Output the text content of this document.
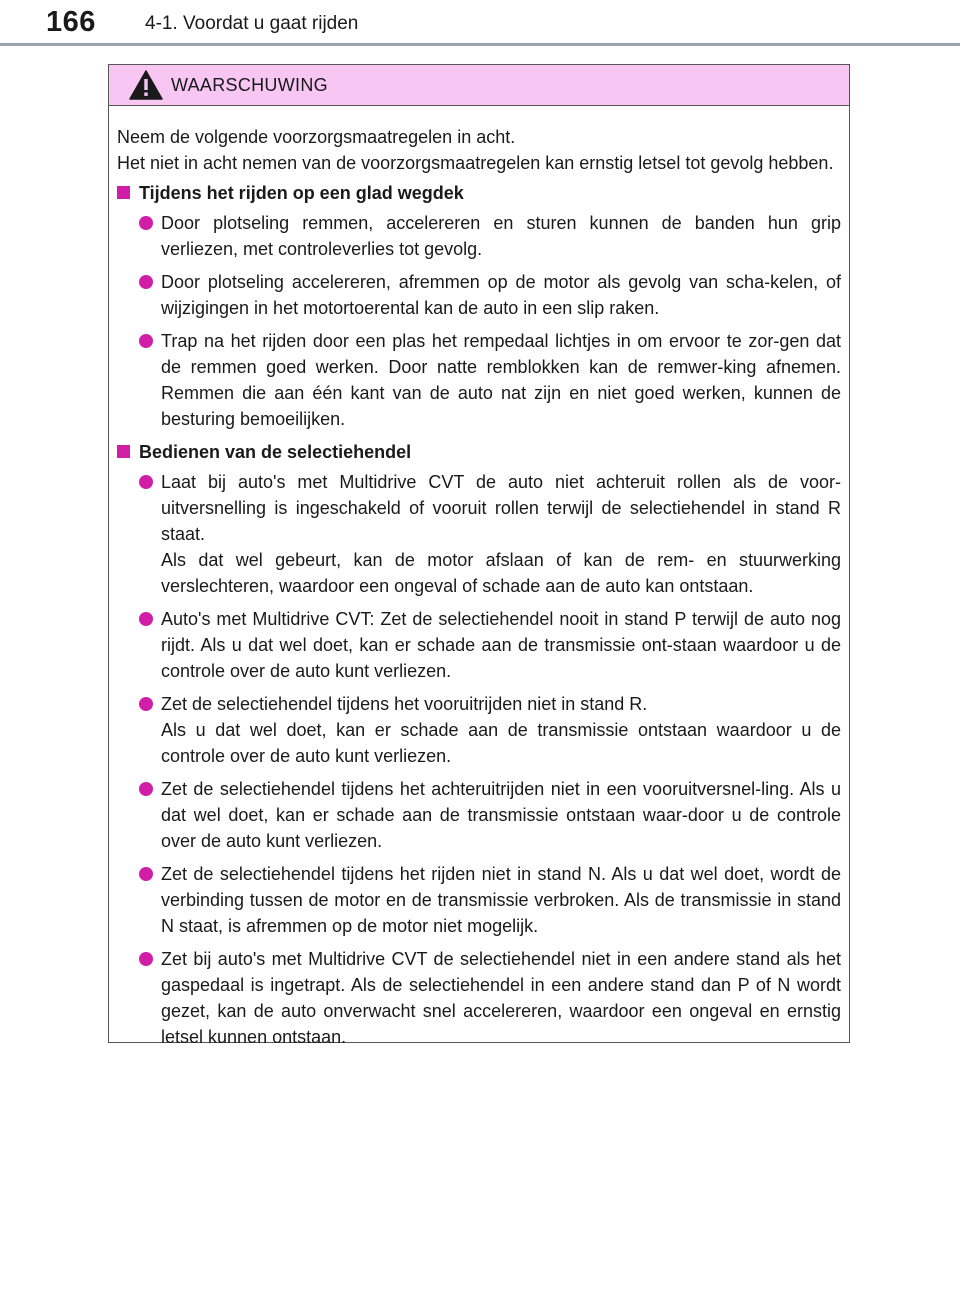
166	4-1. Voordat u gaat rijden
WAARSCHUWING
Neem de volgende voorzorgsmaatregelen in acht.
Het niet in acht nemen van de voorzorgsmaatregelen kan ernstig letsel tot gevolg hebben.
Tijdens het rijden op een glad wegdek
Door plotseling remmen, accelereren en sturen kunnen de banden hun grip verliezen, met controleverlies tot gevolg.
Door plotseling accelereren, afremmen op de motor als gevolg van scha-kelen, of wijzigingen in het motortoerental kan de auto in een slip raken.
Trap na het rijden door een plas het rempedaal lichtjes in om ervoor te zor-gen dat de remmen goed werken. Door natte remblokken kan de remwer-king afnemen. Remmen die aan één kant van de auto nat zijn en niet goed werken, kunnen de besturing bemoeilijken.
Bedienen van de selectiehendel
Laat bij auto's met Multidrive CVT de auto niet achteruit rollen als de voor-uitversnelling is ingeschakeld of vooruit rollen terwijl de selectiehendel in stand R staat.
Als dat wel gebeurt, kan de motor afslaan of kan de rem- en stuurwerking verslechteren, waardoor een ongeval of schade aan de auto kan ontstaan.
Auto's met Multidrive CVT: Zet de selectiehendel nooit in stand P terwijl de auto nog rijdt. Als u dat wel doet, kan er schade aan de transmissie ont-staan waardoor u de controle over de auto kunt verliezen.
Zet de selectiehendel tijdens het vooruitrijden niet in stand R.
Als u dat wel doet, kan er schade aan de transmissie ontstaan waardoor u de controle over de auto kunt verliezen.
Zet de selectiehendel tijdens het achteruitrijden niet in een vooruitversnel-ling. Als u dat wel doet, kan er schade aan de transmissie ontstaan waar-door u de controle over de auto kunt verliezen.
Zet de selectiehendel tijdens het rijden niet in stand N. Als u dat wel doet, wordt de verbinding tussen de motor en de transmissie verbroken. Als de transmissie in stand N staat, is afremmen op de motor niet mogelijk.
Zet bij auto's met Multidrive CVT de selectiehendel niet in een andere stand als het gaspedaal is ingetrapt. Als de selectiehendel in een andere stand dan P of N wordt gezet, kan de auto onverwacht snel accelereren, waardoor een ongeval en ernstig letsel kunnen ontstaan.
